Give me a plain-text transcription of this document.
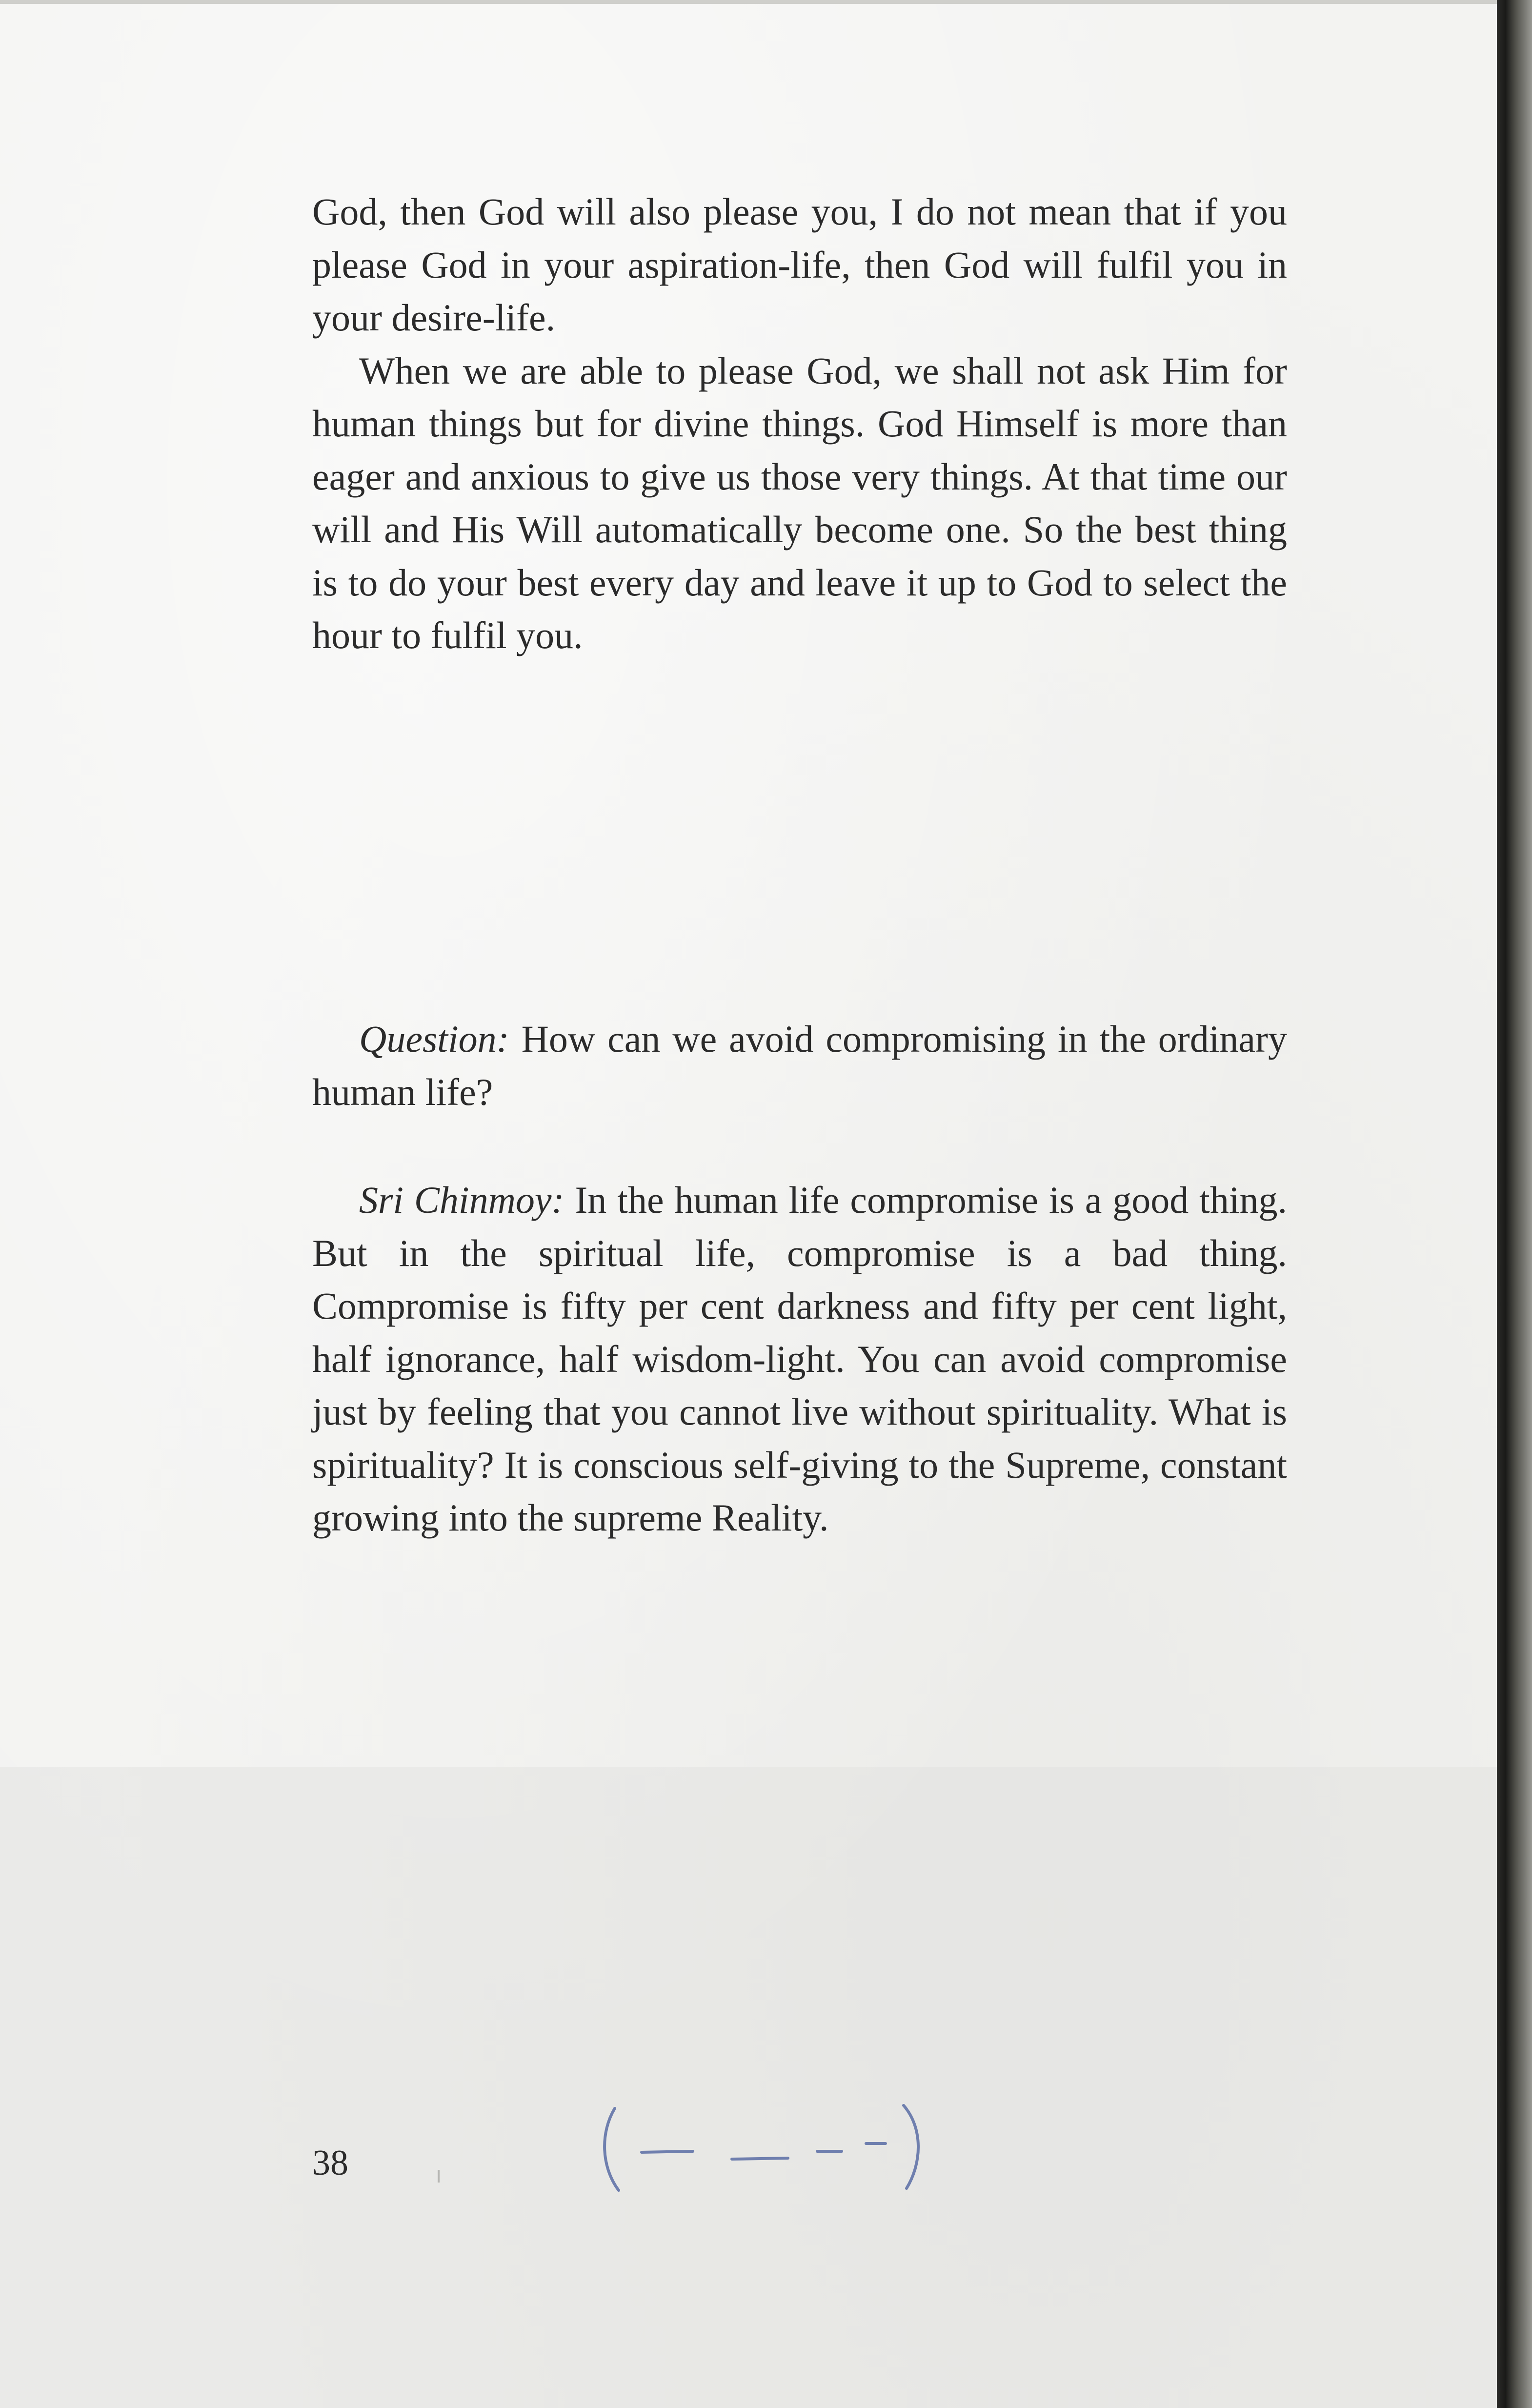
God, then God will also please you, I do not mean that if you please God in your aspiration-life, then God will fulfil you in your desire-life.

When we are able to please God, we shall not ask Him for human things but for divine things. God Himself is more than eager and anxious to give us those very things. At that time our will and His Will automatically become one. So the best thing is to do your best every day and leave it up to God to select the hour to fulfil you.

Question: How can we avoid compromising in the ordinary human life?

Sri Chinmoy: In the human life compromise is a good thing. But in the spiritual life, compromise is a bad thing. Compromise is fifty per cent darkness and fifty per cent light, half ignorance, half wisdom-light. You can avoid compromise just by feeling that you cannot live without spirituality. What is spirituality? It is conscious self-giving to the Supreme, constant growing into the supreme Reality.

38
